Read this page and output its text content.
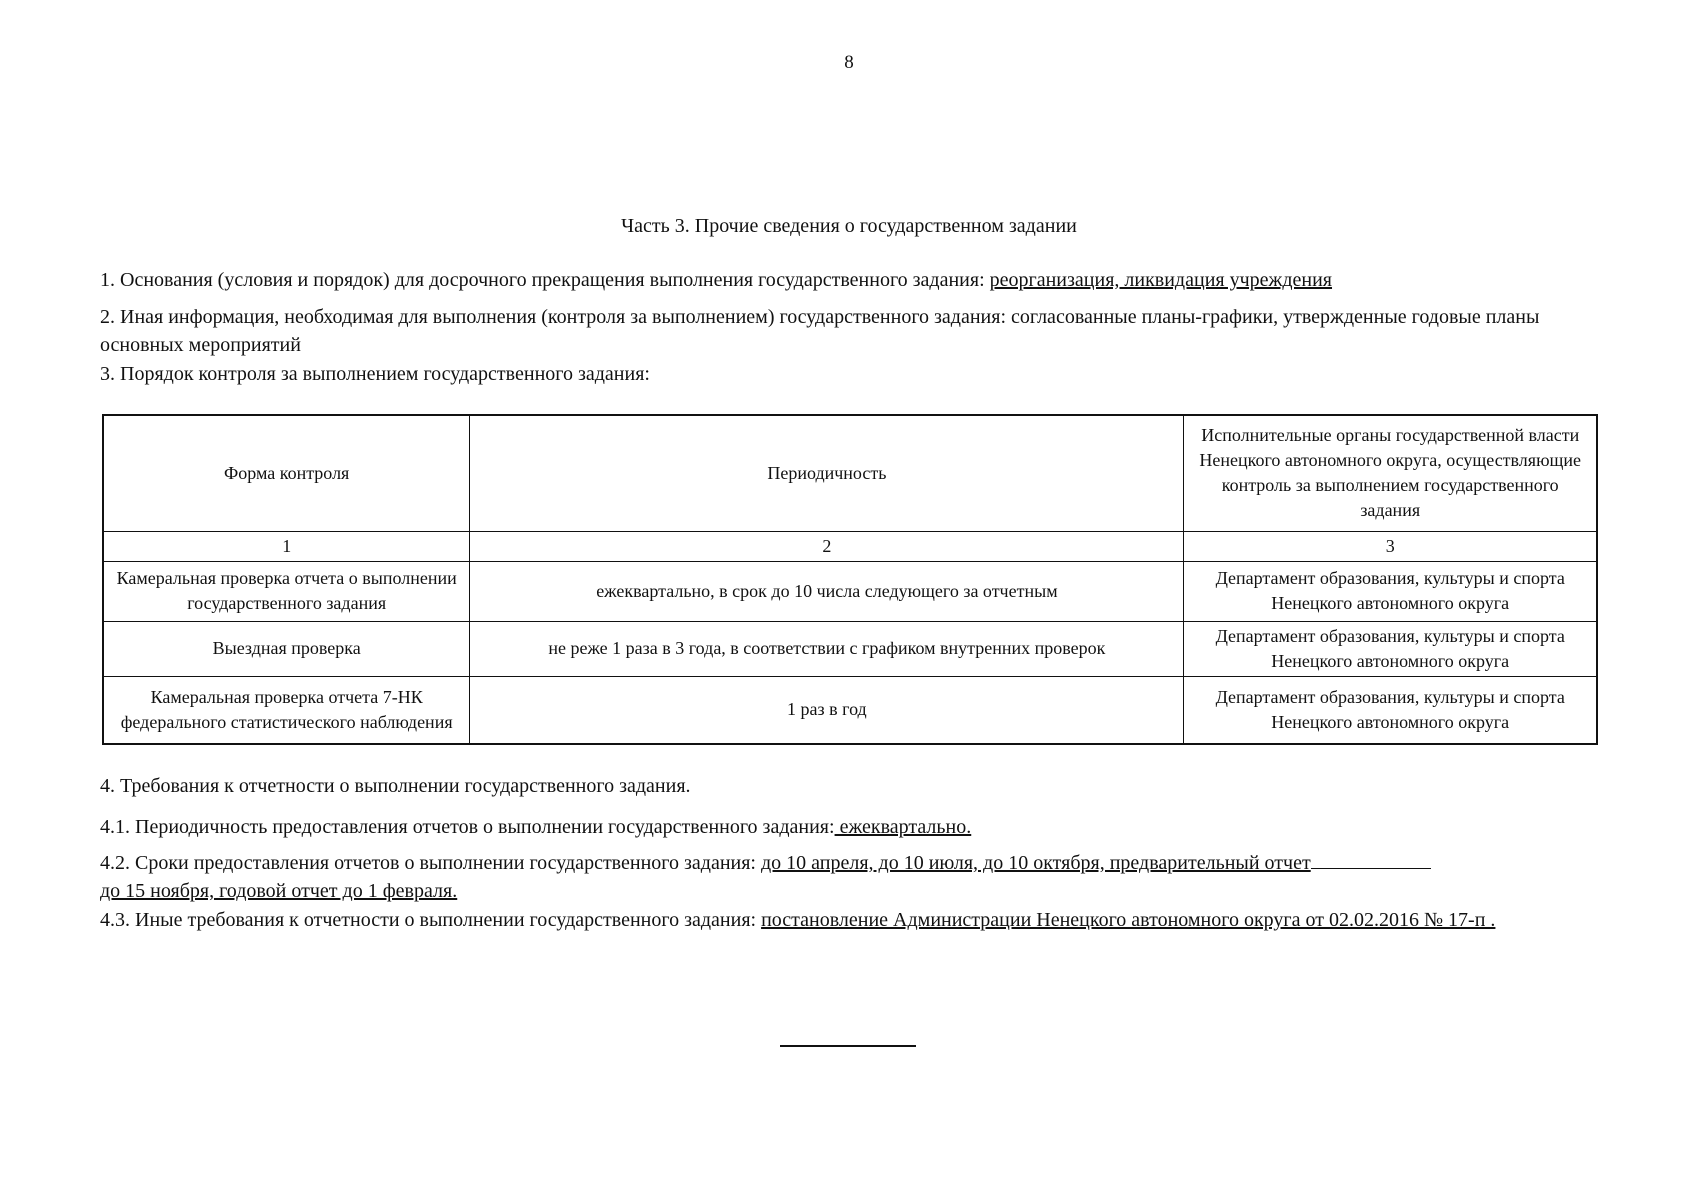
8
Часть 3. Прочие сведения о государственном задании
1. Основания (условия и порядок) для досрочного прекращения выполнения государственного задания: реорганизация, ликвидация учреждения
2. Иная информация, необходимая для выполнения (контроля за выполнением) государственного задания: согласованные планы-графики, утвержденные годовые планы основных мероприятий
3. Порядок контроля за выполнением государственного задания:
Форма контроля	Периодичность	Исполнительные органы государственной власти Ненецкого автономного округа, осуществляющие контроль за выполнением государственного задания
1	2	3
Камеральная проверка отчета о выполнении государственного задания	ежеквартально, в срок до 10 числа следующего за отчетным	Департамент образования, культуры и спорта Ненецкого автономного округа
Выездная проверка	не реже 1 раза в 3 года, в соответствии с графиком внутренних проверок	Департамент образования, культуры и спорта Ненецкого автономного округа
Камеральная проверка отчета 7-НК федерального статистического наблюдения	1 раз в год	Департамент образования, культуры и спорта Ненецкого автономного округа
4. Требования к отчетности о выполнении государственного задания.
4.1. Периодичность предоставления отчетов о выполнении государственного задания: ежеквартально.
4.2. Сроки предоставления отчетов о выполнении государственного задания: до 10 апреля, до 10 июля, до 10 октября, предварительный отчет
до 15 ноября, годовой отчет до 1 февраля.
4.3. Иные требования к отчетности о выполнении государственного задания: постановление Администрации Ненецкого автономного округа от 02.02.2016 № 17-п .
